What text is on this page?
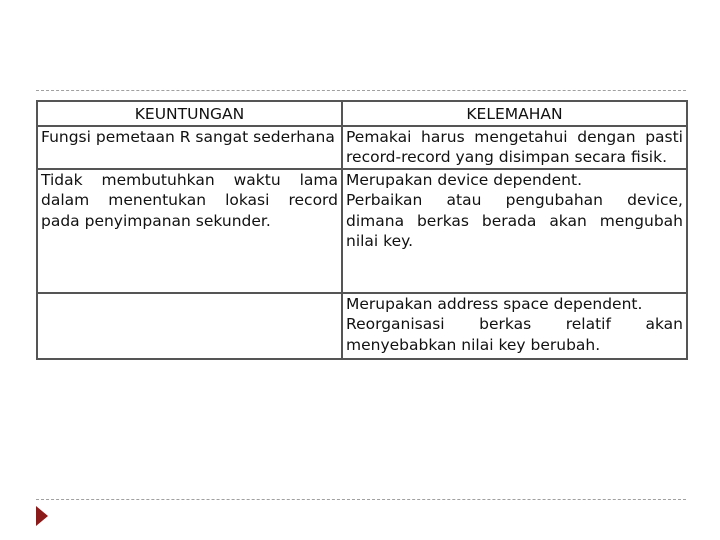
KEUNTUNGAN	KELEMAHAN

Fungsi pemetaan R sangat sederhana	Pemakai harus mengetahui dengan pasti record-record yang disimpan secara fisik.

Tidak membutuhkan waktu lama dalam menentukan lokasi record pada penyimpanan sekunder.	Merupakan device dependent.
Perbaikan atau pengubahan device, dimana berkas berada akan mengubah nilai key.

	Merupakan address space dependent.
Reorganisasi berkas relatif akan menyebabkan nilai key berubah.
